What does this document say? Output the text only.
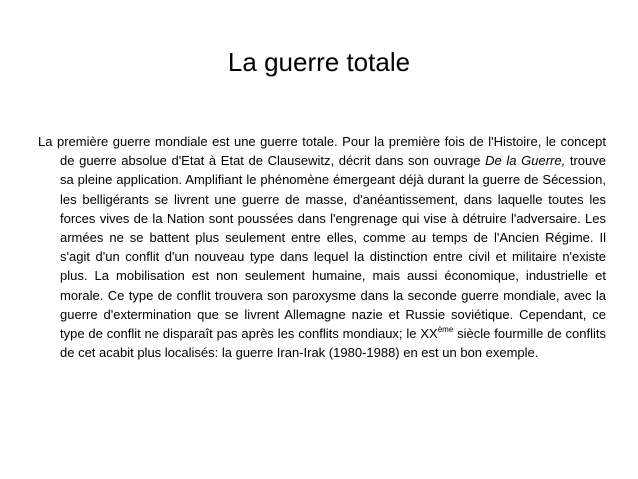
La guerre totale

La première guerre mondiale est une guerre totale. Pour la première fois de l'Histoire, le concept de guerre absolue d'Etat à Etat de Clausewitz, décrit dans son ouvrage De la Guerre, trouve sa pleine application. Amplifiant le phénomène émergeant déjà durant la guerre de Sécession, les belligérants se livrent une guerre de masse, d'anéantissement, dans laquelle toutes les forces vives de la Nation sont poussées dans l'engrenage qui vise à détruire l'adversaire. Les armées ne se battent plus seulement entre elles, comme au temps de l'Ancien Régime. Il s'agit d'un conflit d'un nouveau type dans lequel la distinction entre civil et militaire n'existe plus. La mobilisation est non seulement humaine, mais aussi économique, industrielle et morale. Ce type de conflit trouvera son paroxysme dans la seconde guerre mondiale, avec la guerre d'extermination que se livrent Allemagne nazie et Russie soviétique. Cependant, ce type de conflit ne disparaît pas après les conflits mondiaux; le XXème siècle fourmille de conflits de cet acabit plus localisés: la guerre Iran-Irak (1980-1988) en est un bon exemple.
